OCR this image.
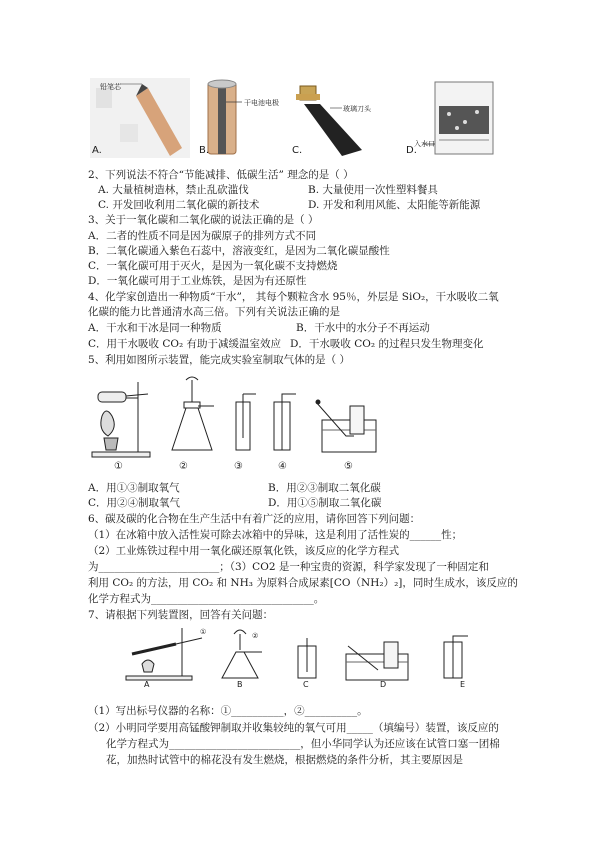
A.
铅笔芯
B.
干电池电极
C.
玻璃刀头
D.
入水口
2、下列说法不符合“节能减排、低碳生活” 理念的是（ ）
A. 大量植树造林，禁止乱砍滥伐	B. 大量使用一次性塑料餐具
C. 开发回收利用二氧化碳的新技术	D. 开发和利用风能、太阳能等新能源
3、关于一氧化碳和二氧化碳的说法正确的是（ ）
A．二者的性质不同是因为碳原子的排列方式不同
B．二氧化碳通入紫色石蕊中，溶液变红，是因为二氧化碳显酸性
C．一氧化碳可用于灭火，是因为一氧化碳不支持燃烧
D．一氧化碳可用于工业炼铁，是因为有还原性
4、化学家创造出一种物质“干水”， 其每个颗粒含水 95％，外层是 SiO₂，干水吸收二氧
化碳的能力比普通清水高三倍。下列有关说法正确的是
A．干水和干冰是同一种物质	B．干水中的水分子不再运动
C．用干水吸收 CO₂ 有助于减缓温室效应 D．干水吸收 CO₂ 的过程只发生物理变化
5、利用如图所示装置，能完成实验室制取气体的是（ ）
①	②	③	④	⑤
A．用①③制取氧气	B．用②③制取二氧化碳
C．用②④制取氧气	D．用①⑤制取二氧化碳
6、碳及碳的化合物在生产生活中有着广泛的应用，请你回答下列问题：
（1）在冰箱中放入活性炭可除去冰箱中的异味，这是利用了活性炭的______性；
（2）工业炼铁过程中用一氧化碳还原氧化铁，该反应的化学方程式
为_______________________；（3）CO2 是一种宝贵的资源，科学家发现了一种固定和
利用 CO₂ 的方法，用 CO₂ 和 NH₃ 为原料合成尿素[CO（NH₂）₂]，同时生成水，该反应的
化学方程式为_______________________________。
7、请根据下列装置图，回答有关问题：
①	②
A	B	C	D	E
（1）写出标号仪器的名称：①__________，②__________。
（2）小明同学要用高锰酸钾制取并收集较纯的氧气可用_____（填编号）装置，该反应的
化学方程式为_________________________，但小华同学认为还应该在试管口塞一团棉
花，加热时试管中的棉花没有发生燃烧，根据燃烧的条件分析，其主要原因是
